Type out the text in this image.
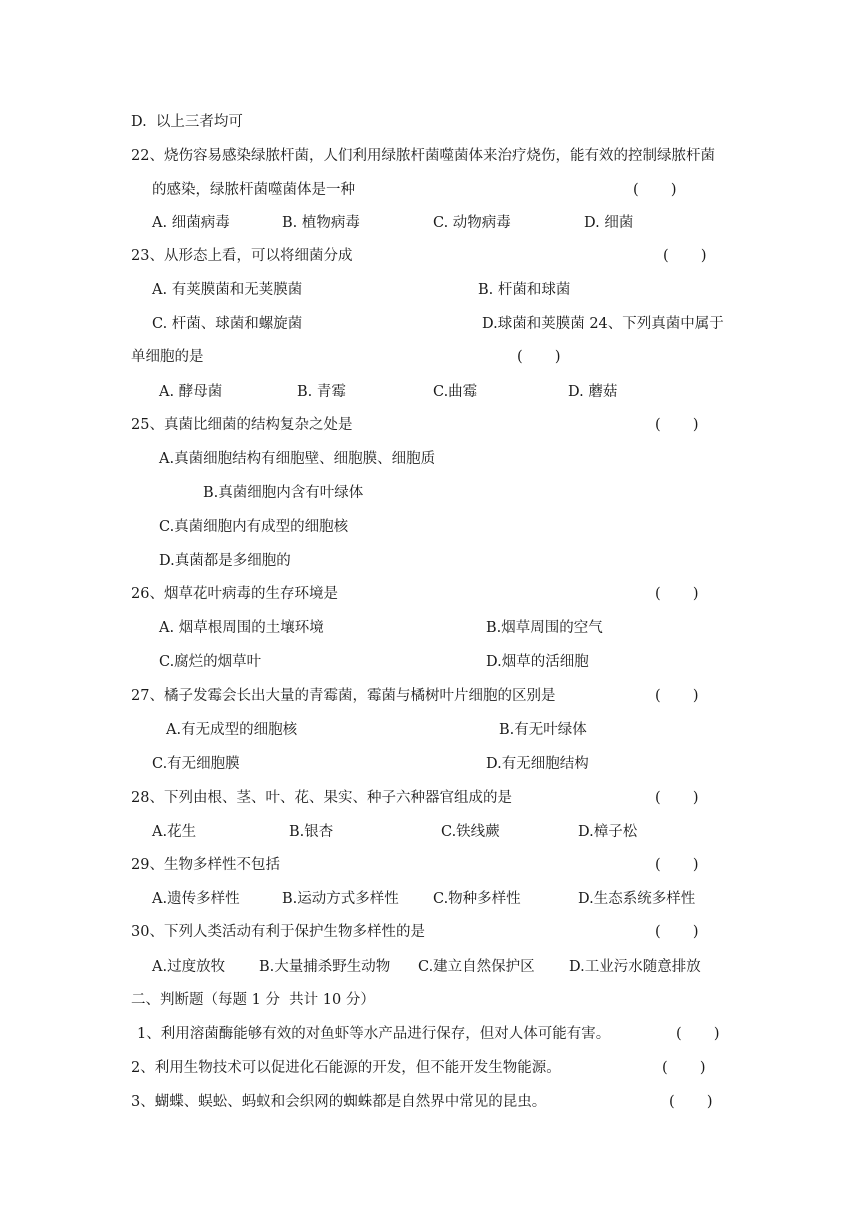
D.  以上三者均可
22、烧伤容易感染绿脓杆菌，人们利用绿脓杆菌噬菌体来治疗烧伤，能有效的控制绿脓杆菌
的感染，绿脓杆菌噬菌体是一种	(       )
A. 细菌病毒	B. 植物病毒	C. 动物病毒	D. 细菌
23、从形态上看，可以将细菌分成	(       )
A. 有荚膜菌和无荚膜菌	B. 杆菌和球菌
C. 杆菌、球菌和螺旋菌	D.球菌和荚膜菌 24、下列真菌中属于
单细胞的是	(       )
A. 酵母菌	B. 青霉	C.曲霉	D. 蘑菇
25、真菌比细菌的结构复杂之处是	(       )
A.真菌细胞结构有细胞壁、细胞膜、细胞质
B.真菌细胞内含有叶绿体
C.真菌细胞内有成型的细胞核
D.真菌都是多细胞的
26、烟草花叶病毒的生存环境是	(       )
A. 烟草根周围的土壤环境	B.烟草周围的空气
C.腐烂的烟草叶	D.烟草的活细胞
27、橘子发霉会长出大量的青霉菌，霉菌与橘树叶片细胞的区别是	(       )
A.有无成型的细胞核	B.有无叶绿体
C.有无细胞膜	D.有无细胞结构
28、下列由根、茎、叶、花、果实、种子六种器官组成的是	(       )
A.花生	B.银杏	C.铁线蕨	D.樟子松
29、生物多样性不包括	(       )
A.遗传多样性	B.运动方式多样性 C.物种多样性	D.生态系统多样性
30、下列人类活动有利于保护生物多样性的是	(       )
A.过度放牧 B.大量捕杀野生动物 C.建立自然保护区 D.工业污水随意排放
二、判断题（每题 1 分  共计 10 分）
1、利用溶菌酶能够有效的对鱼虾等水产品进行保存，但对人体可能有害。	(       )
2、利用生物技术可以促进化石能源的开发，但不能开发生物能源。	(       )
3、蝴蝶、蜈蚣、蚂蚁和会织网的蜘蛛都是自然界中常见的昆虫。	(       )
